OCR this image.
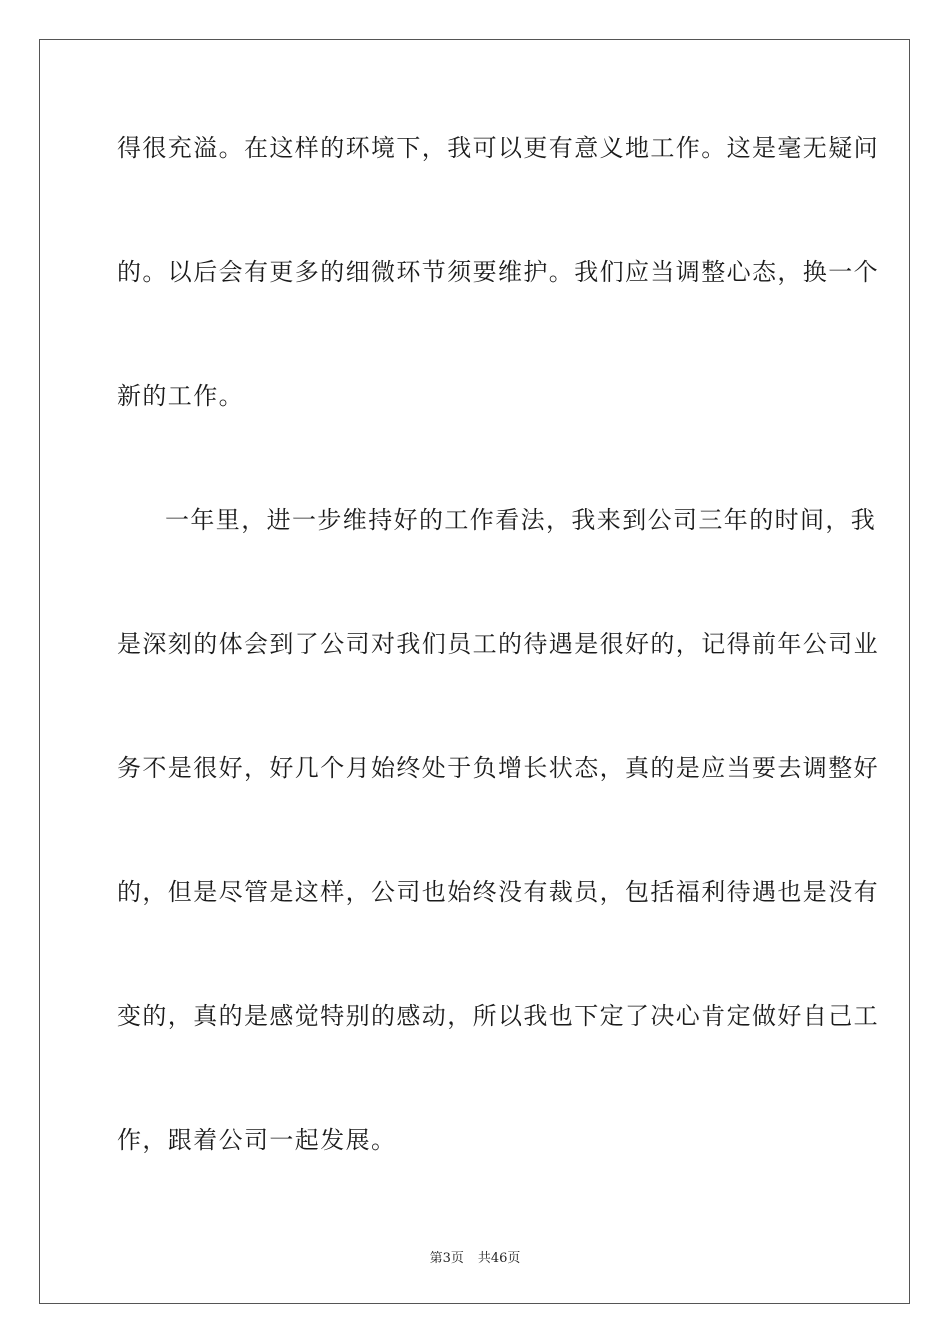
得很充溢。在这样的环境下，我可以更有意义地工作。这是毫无疑问
的。以后会有更多的细微环节须要维护。我们应当调整心态，换一个
新的工作。
一年里，进一步维持好的工作看法，我来到公司三年的时间，我
是深刻的体会到了公司对我们员工的待遇是很好的，记得前年公司业
务不是很好，好几个月始终处于负增长状态，真的是应当要去调整好
的，但是尽管是这样，公司也始终没有裁员，包括福利待遇也是没有
变的，真的是感觉特别的感动，所以我也下定了决心肯定做好自己工
作，跟着公司一起发展。
第3页 共46页
